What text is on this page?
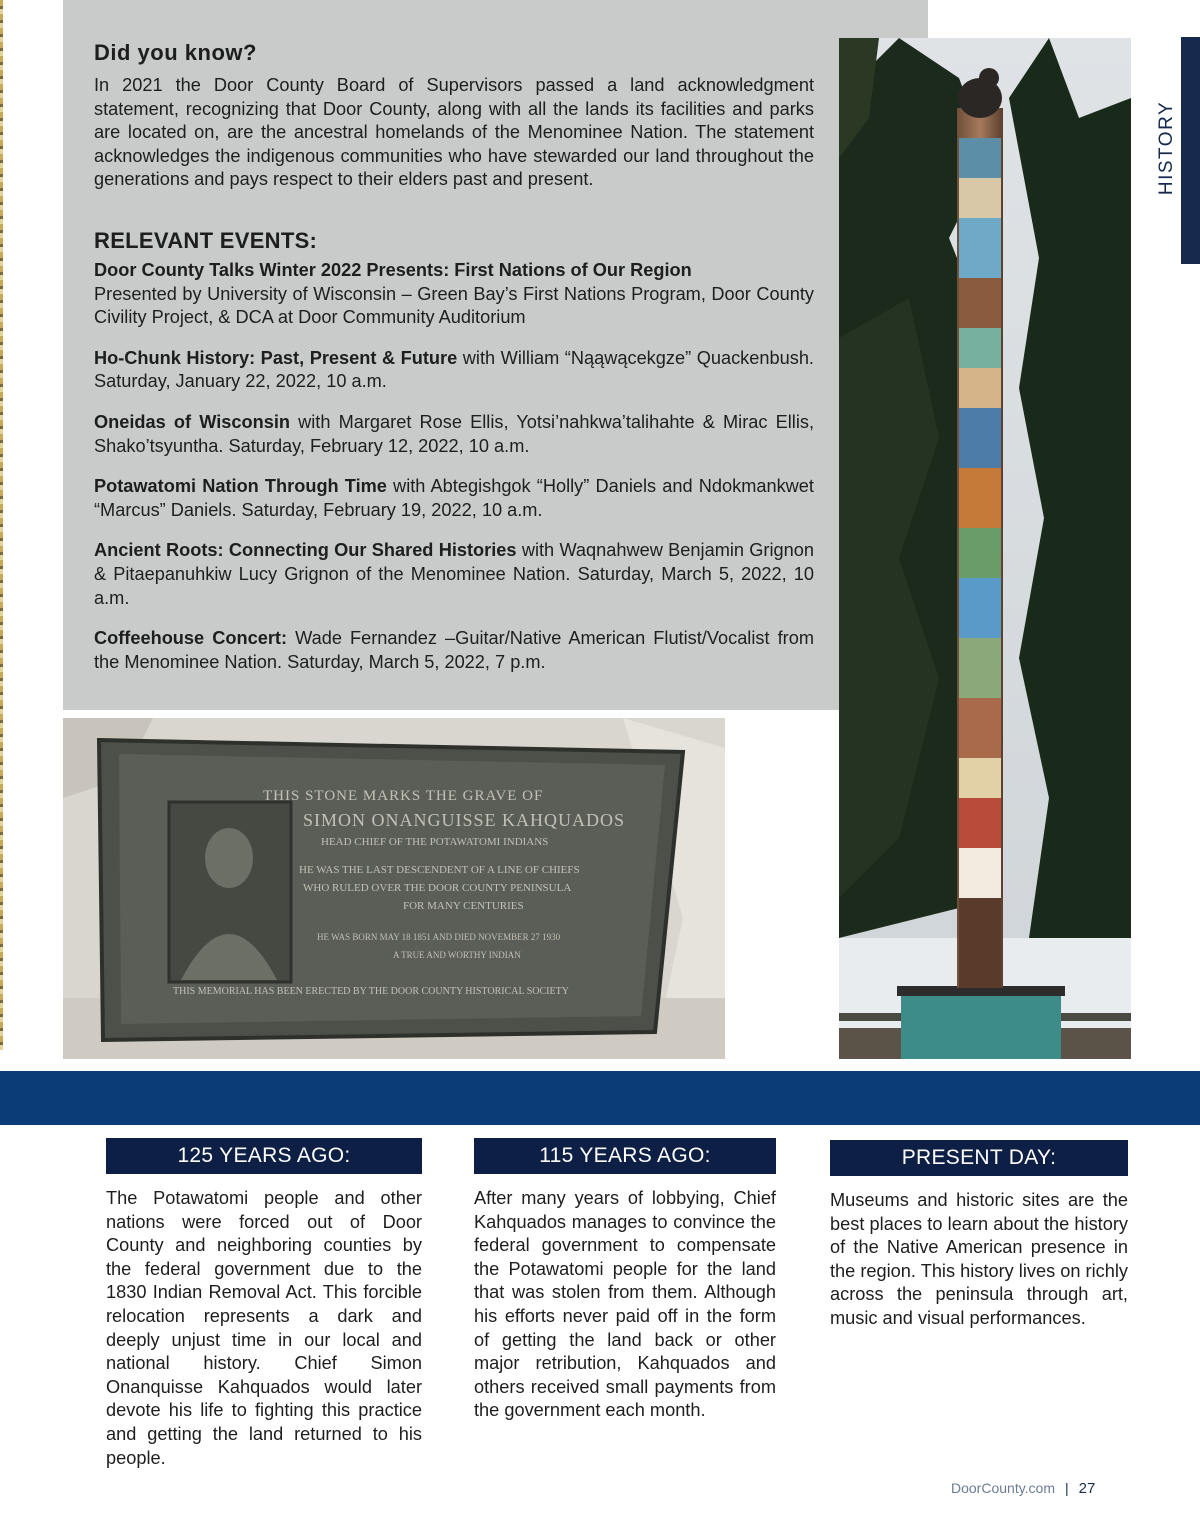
Did you know?
In 2021 the Door County Board of Supervisors passed a land acknowledgment statement, recognizing that Door County, along with all the lands its facilities and parks are located on, are the ancestral homelands of the Menominee Nation. The statement acknowledges the indigenous communities who have stewarded our land throughout the generations and pays respect to their elders past and present.
RELEVANT EVENTS:
Door County Talks Winter 2022 Presents: First Nations of Our Region
Presented by University of Wisconsin – Green Bay’s First Nations Program, Door County Civility Project, & DCA at Door Community Auditorium
Ho-Chunk History: Past, Present & Future with William “Nąąwącekgze” Quackenbush. Saturday, January 22, 2022, 10 a.m.
Oneidas of Wisconsin with Margaret Rose Ellis, Yotsi’nahkwa’talihahte & Mirac Ellis, Shako’tsyuntha. Saturday, February 12, 2022, 10 a.m.
Potawatomi Nation Through Time with Abtegishgok “Holly” Daniels and Ndokmankwet “Marcus” Daniels. Saturday, February 19, 2022, 10 a.m.
Ancient Roots: Connecting Our Shared Histories with Waqnahwew Benjamin Grignon & Pitaepanuhkiw Lucy Grignon of the Menominee Nation. Saturday, March 5, 2022, 10 a.m.
Coffeehouse Concert: Wade Fernandez –Guitar/Native American Flutist/Vocalist from the Menominee Nation. Saturday, March 5, 2022, 7 p.m.
THIS STONE MARKS THE GRAVE OF
SIMON ONANGUISSE KAHQUADOS
HEAD CHIEF OF THE POTAWATOMI INDIANS
HE WAS THE LAST DESCENDENT OF A LINE OF CHIEFS
WHO RULED OVER THE DOOR COUNTY PENINSULA
FOR MANY CENTURIES
HE WAS BORN MAY 18 1851 AND DIED NOVEMBER 27 1930
A TRUE AND WORTHY INDIAN
THIS MEMORIAL HAS BEEN ERECTED BY THE DOOR COUNTY HISTORICAL SOCIETY
HISTORY
125 YEARS AGO:
The Potawatomi people and other nations were forced out of Door County and neighboring counties by the federal government due to the 1830 Indian Removal Act. This forcible relocation represents a dark and deeply unjust time in our local and national history. Chief Simon Onanquisse Kahquados would later devote his life to fighting this practice and getting the land returned to his people.
115 YEARS AGO:
After many years of lobbying, Chief Kahquados manages to convince the federal government to compensate the Potawatomi people for the land that was stolen from them. Although his efforts never paid off in the form of getting the land back or other major retribution, Kahquados and others received small payments from the government each month.
PRESENT DAY:
Museums and historic sites are the best places to learn about the history of the Native American presence in the region. This history lives on richly across the peninsula through art, music and visual performances.
DoorCounty.com | 27
